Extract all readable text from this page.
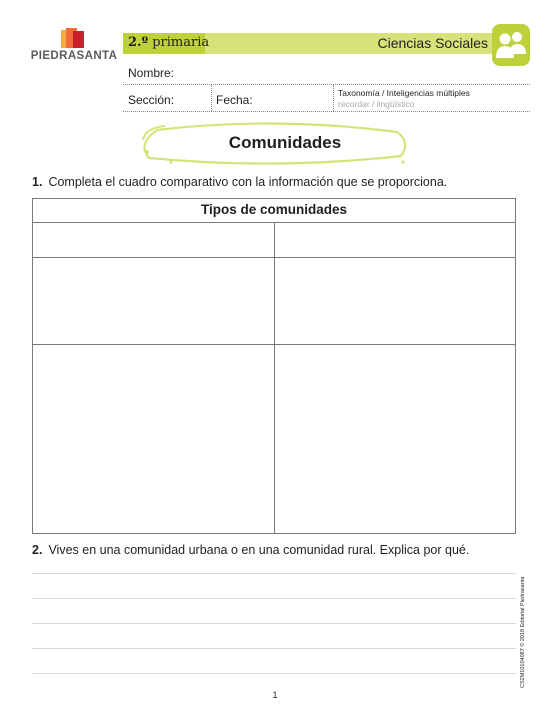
PIEDRASANTA
2.º primaria	Ciencias Sociales
Nombre:
Sección:	Fecha:	Taxonomía / Inteligencias múltiples
recordar / lingüístico
Comunidades
1. Completa el cuadro comparativo con la información que se proporciona.
Tipos de comunidades
2. Vives en una comunidad urbana o en una comunidad rural. Explica por qué.
CS2M10104087 © 2018 Editorial Piedrasanta
1
